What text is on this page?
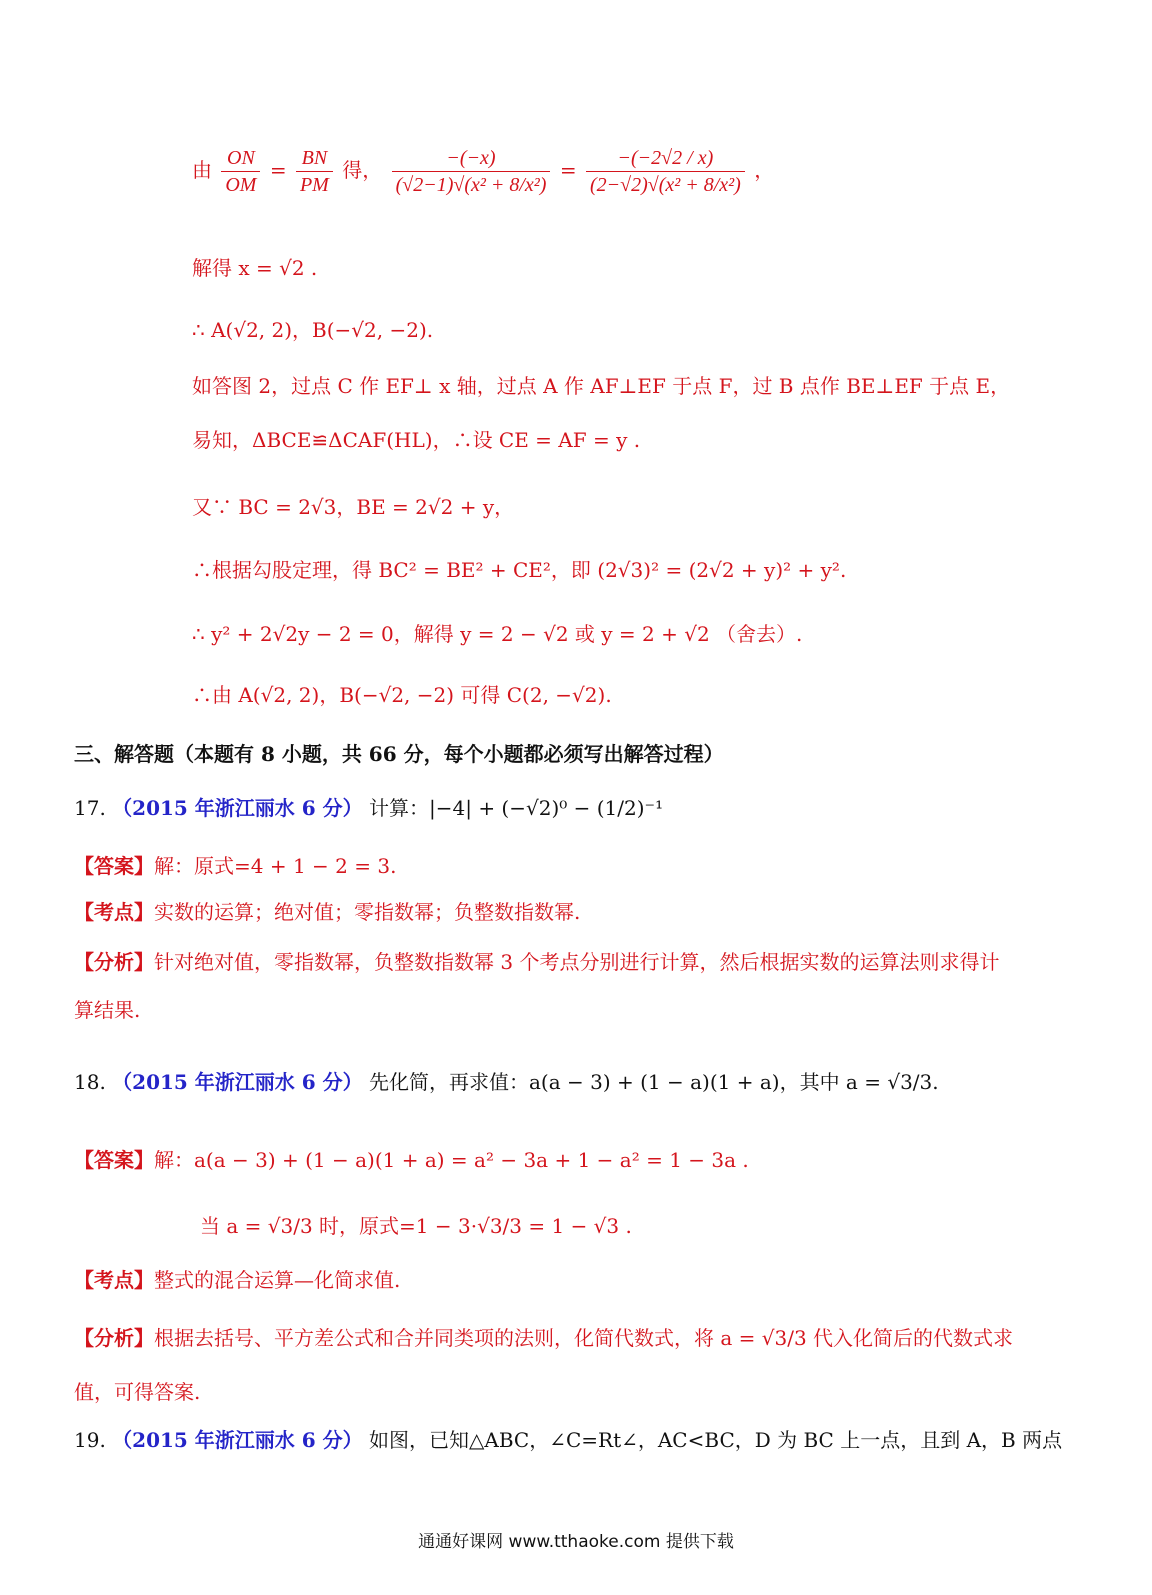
由 $\frac{ON}{OM} = \frac{BN}{PM}$ 得， $\frac{-(-x)}{\text{(√2−1)√(x² + 8/x²)}} = \frac{-(-2√2 / x)}{\text{(2−√2)√(x² + 8/x²)}}$ ，
解得 x = √2 .
∴ A(√2, 2)，B(−√2, −2).
如答图 2，过点 C 作 EF⊥ x 轴，过点 A 作 AF⊥EF 于点 F，过 B 点作 BE⊥EF 于点 E，
易知，ΔBCE≌ΔCAF(HL)，∴设 CE = AF = y .
又∵ BC = 2√3，BE = 2√2 + y，
∴根据勾股定理，得 BC² = BE² + CE²，即 (2√3)² = (2√2 + y)² + y².
∴ y² + 2√2y − 2 = 0，解得 y = 2 − √2 或 y = 2 + √2 （舍去）.
∴由 A(√2, 2)，B(−√2, −2) 可得 C(2, −√2).
三、解答题（本题有 8 小题，共 66 分，每个小题都必须写出解答过程）
17. （2015 年浙江丽水 6 分） 计算：|−4| + (−√2)⁰ − (1/2)⁻¹
【答案】解：原式=4 + 1 − 2 = 3.
【考点】实数的运算；绝对值；零指数幂；负整数指数幂.
【分析】针对绝对值，零指数幂，负整数指数幂 3 个考点分别进行计算，然后根据实数的运算法则求得计
算结果.
18. （2015 年浙江丽水 6 分） 先化简，再求值：a(a − 3) + (1 − a)(1 + a)，其中 a = √3/3.
【答案】解：a(a − 3) + (1 − a)(1 + a) = a² − 3a + 1 − a² = 1 − 3a .
当 a = √3/3 时，原式=1 − 3·√3/3 = 1 − √3 .
【考点】整式的混合运算—化简求值.
【分析】根据去括号、平方差公式和合并同类项的法则，化简代数式，将 a = √3/3 代入化简后的代数式求
值，可得答案.
19. （2015 年浙江丽水 6 分） 如图，已知△ABC，∠C=Rt∠，AC<BC，D 为 BC 上一点，且到 A，B 两点
通通好课网 www.tthaoke.com 提供下载
